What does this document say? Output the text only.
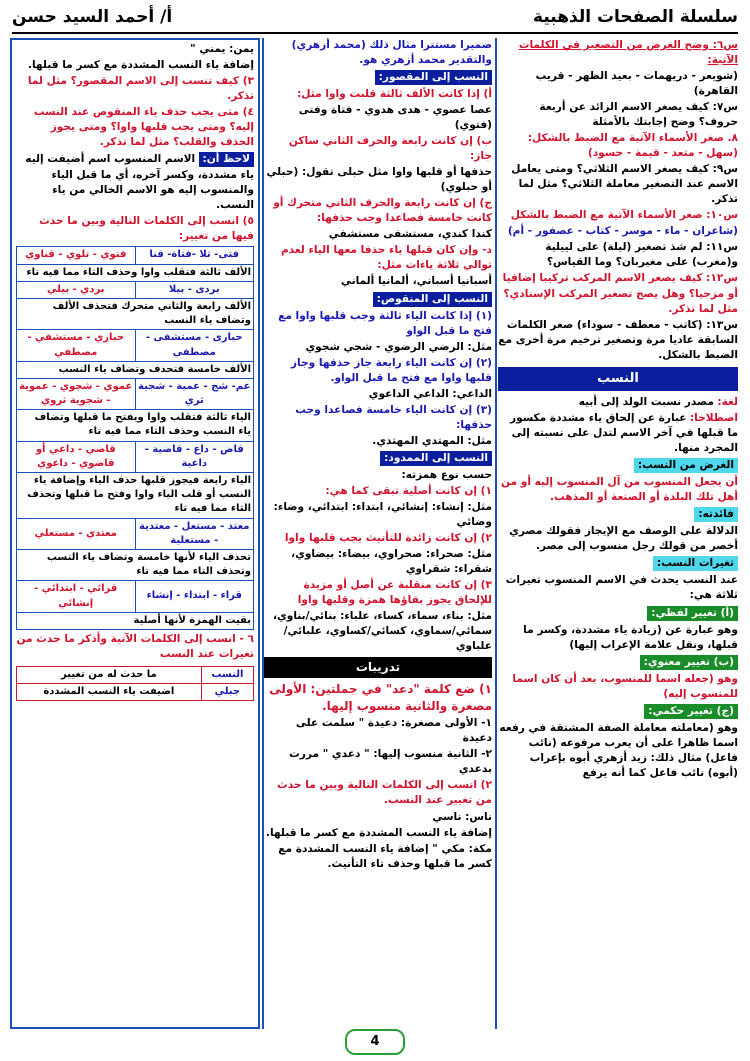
سلسلة الصفحات الذهبية
أ/ أحمد السيد حسن

س٦: وضح الغرض من التصغير في الكلمات الآتية:

(شويعر - دريهمات - بعيد الظهر - قريب القاهرة)

س٧: كيف يصغر الاسم الزائد عن أربعة حروف؟ وضح إجابتك بالأمثلة

٨. صغر الأسماء الآتية مع الضبط بالشكل: (سهل - متعد - قيمة - حسود)

س٩: كيف يصغر الاسم الثلاثي؟ ومتى يعامل الاسم عند التصغير معاملة الثلاثي؟ مثل لما تذكر.

س١٠: صغر الأسماء الآتية مع الضبط بالشكل

(شاعران - ماء - موسر - كتاب - عصفور - أم)

س١١: لم شذ تصغير (ليلة) على لييلية و(مغرب) على مغيربان؟ وما القياس؟

س١٢: كيف يصغر الاسم المركب تركيبا إضافيا أو مزجيا؟ وهل يصح تصغير المركب الإسنادي؟ مثل لما تذكر.

س١٣: (كاتب - معطف - سوداء) صغر الكلمات السابقة عاديا مرة وتصغير ترخيم مرة أخرى مع الضبط بالشكل.

النسب

لغة: مصدر نسبت الولد إلى أبيه

اصطلاحا: عبارة عن إلحاق ياء مشددة مكسور ما قبلها في آخر الاسم لتدل على نسبته إلى المجرد منها.

الغرض من النسب:

أن يجعل المنسوب من آل المنسوب إليه أو من أهل تلك البلدة أو الصنعة أو المذهب.

فائدته:

الدلالة على الوصف مع الإيجاز فقولك مصري أخصر من قولك رجل منسوب إلى مصر.

تغيرات النسب:

عند النسب يحدث في الاسم المنسوب تغيرات ثلاثة هي:

(أ) تغيير لفظي:

وهو عبارة عن (زيادة ياء مشددة، وكسر ما قبلها، ونقل علامة الإعراب إليها)

(ب) تغيير معنوي:

وهو (جعله اسما للمنسوب، بعد أن كان اسما للمنسوب إليه)

(ج) تغيير حكمي:

وهو (معاملته معاملة الصفة المشتقة في رفعه اسما ظاهرا على أن يعرب مرفوعه (نائب فاعل) مثال ذلك: زيد أزهري أبوه بإعراب (أبوه) نائب فاعل كما أنه يرفع

ضميرا مستترا مثال ذلك (محمد أزهري) والتقدير محمد أزهري هو.

النسب إلى المقصور:

أ) إذا كانت الألف ثالثة قلبت واوا مثل:

عصا عصوي - هدى هدوي - فتاة وفتى (فتوي)

ب) إن كانت رابعة والحرف الثاني ساكن جاز:

حذفها أو قلبها واوا مثل حبلى تقول: (حبلي أو حبلوي)

ج) إن كانت رابعة والحرف الثاني متحرك أو كانت خامسة فصاعدا وجب حذفها:

كندا كندي، مستشفى مستشفي

د- وإن كان قبلها ياء حذفا معها الياء لعدم توالي ثلاثة ياءات مثل:

أسبانيا أسباني، ألمانيا ألماني

النسب إلى المنقوص:

(١) إذا كانت الياء ثالثة وجب قلبها واوا مع فتح ما قبل الواو

مثل: الرضي الرضوي - شجي شجوي

(٢) إن كانت الياء رابعة جاز حذفها وجاز قلبها واوا مع فتح ما قبل الواو.

الداعي: الداعي الداعوي

(٣) إن كانت الياء خامسة فصاعدا وجب حذفها:

مثل: المهتدي المهتدي.

النسب إلى الممدود:

حسب نوع همزته:

١) إن كانت أصلية تبقى كما هي:

مثل: إنشاء: إنشائي، ابتداء: ابتدائي، وضاء: وضائي

٢) إن كانت زائدة للتأنيث يجب قلبها واوا

مثل: صحراء: صحراوي، بيضاء: بيضاوي، شقراء: شقراوي

٣) إن كانت منقلبة عن أصل أو مزيدة للإلحاق يجوز بقاؤها همزة وقلبها واوا

مثل: بناء، سماء، كساء، علباء: بنائي/بناوي، سمائي/سماوي، كسائي/كساوي، علبائي/علباوي

تدريبات

١) ضع كلمة "دعد" في جملتين: الأولى مصغرة والثانية منسوب إليها.

١- الأولى مصغرة: دعيدة " سلمت على دعيدة

٢- الثانية منسوب إليها: " دعدي " مررت بدعدي

٢) انسب إلى الكلمات التالية وبين ما حدث من تغيير عند النسب.

ناس: ناسي

إضافة ياء النسب المشددة مع كسر ما قبلها.

مكة: مكي " إضافة ياء النسب المشددة مع كسر ما قبلها وحذف تاء التأنيث.

يمن: يمني "

إضافة ياء النسب المشددة مع كسر ما قبلها.

٣) كيف تنسب إلى الاسم المقصور؟ مثل لما تذكر.

٤) متى يجب حذف ياء المنقوص عند النسب إليه؟ ومتى يجب قلبها واوا؟ ومتى يجوز الحذف والقلب؟ مثل لما تذكر.

لاحظ أن: الاسم المنسوب اسم أضيفت إليه ياء مشددة، وكسر آخره، أي ما قبل الياء والمنسوب إليه هو الاسم الخالي من ياء النسب.

٥) انسب إلى الكلمات التالية وبين ما حدث فيها من تغيير:

فتى- تلا -فتاة- قنا	فتوي - تلوي - قناوي

الألف ثالثة فتقلب واوا وحذف التاء مما فيه تاء	

بردى - بيلا	بردي - بيلي

الألف رابعة والثاني متحرك فتحذف الألف وتضاف ياء النسب	

حبارى - مستشفى - مصطفى	حباري - مستشفي - مصطفي

الألف خامسة فتحذف وتضاف ياء النسب	

عم- شج - عمية - شجية ثري	عموي - شجوي - عموية - شجوية ثروي

الياء ثالثة فتقلب واوا ويفتح ما قبلها وتضاف ياء النسب وحذف التاء مما فيه تاء	

قاض - داع - قاضية - داعية	قاضي - داعي أو قاضوي - داعوي

الياء رابعة فيجوز قلبها حذف الياء وإضافة ياء النسب أو قلب الياء واوا وفتح ما قبلها وتحذف التاء مما فيه تاء	

معتد - مستعل - معتدية - مستعلية	معتدي - مستعلي

تحذف الياء لأنها خامسة وتضاف ياء النسب وتحذف التاء مما فيه تاء	

قراء - ابتداء - إنشاء	قرائي - ابتدائي - إنشائي

بقيت الهمزة لأنها أصلية	

٦ - انسب إلى الكلمات الآتية وأذكر ما حدث من تغيرات عند النسب

النسب	ما حدث له من تغيير
جبلي	اضيفت ياء النسب المشددة
4
